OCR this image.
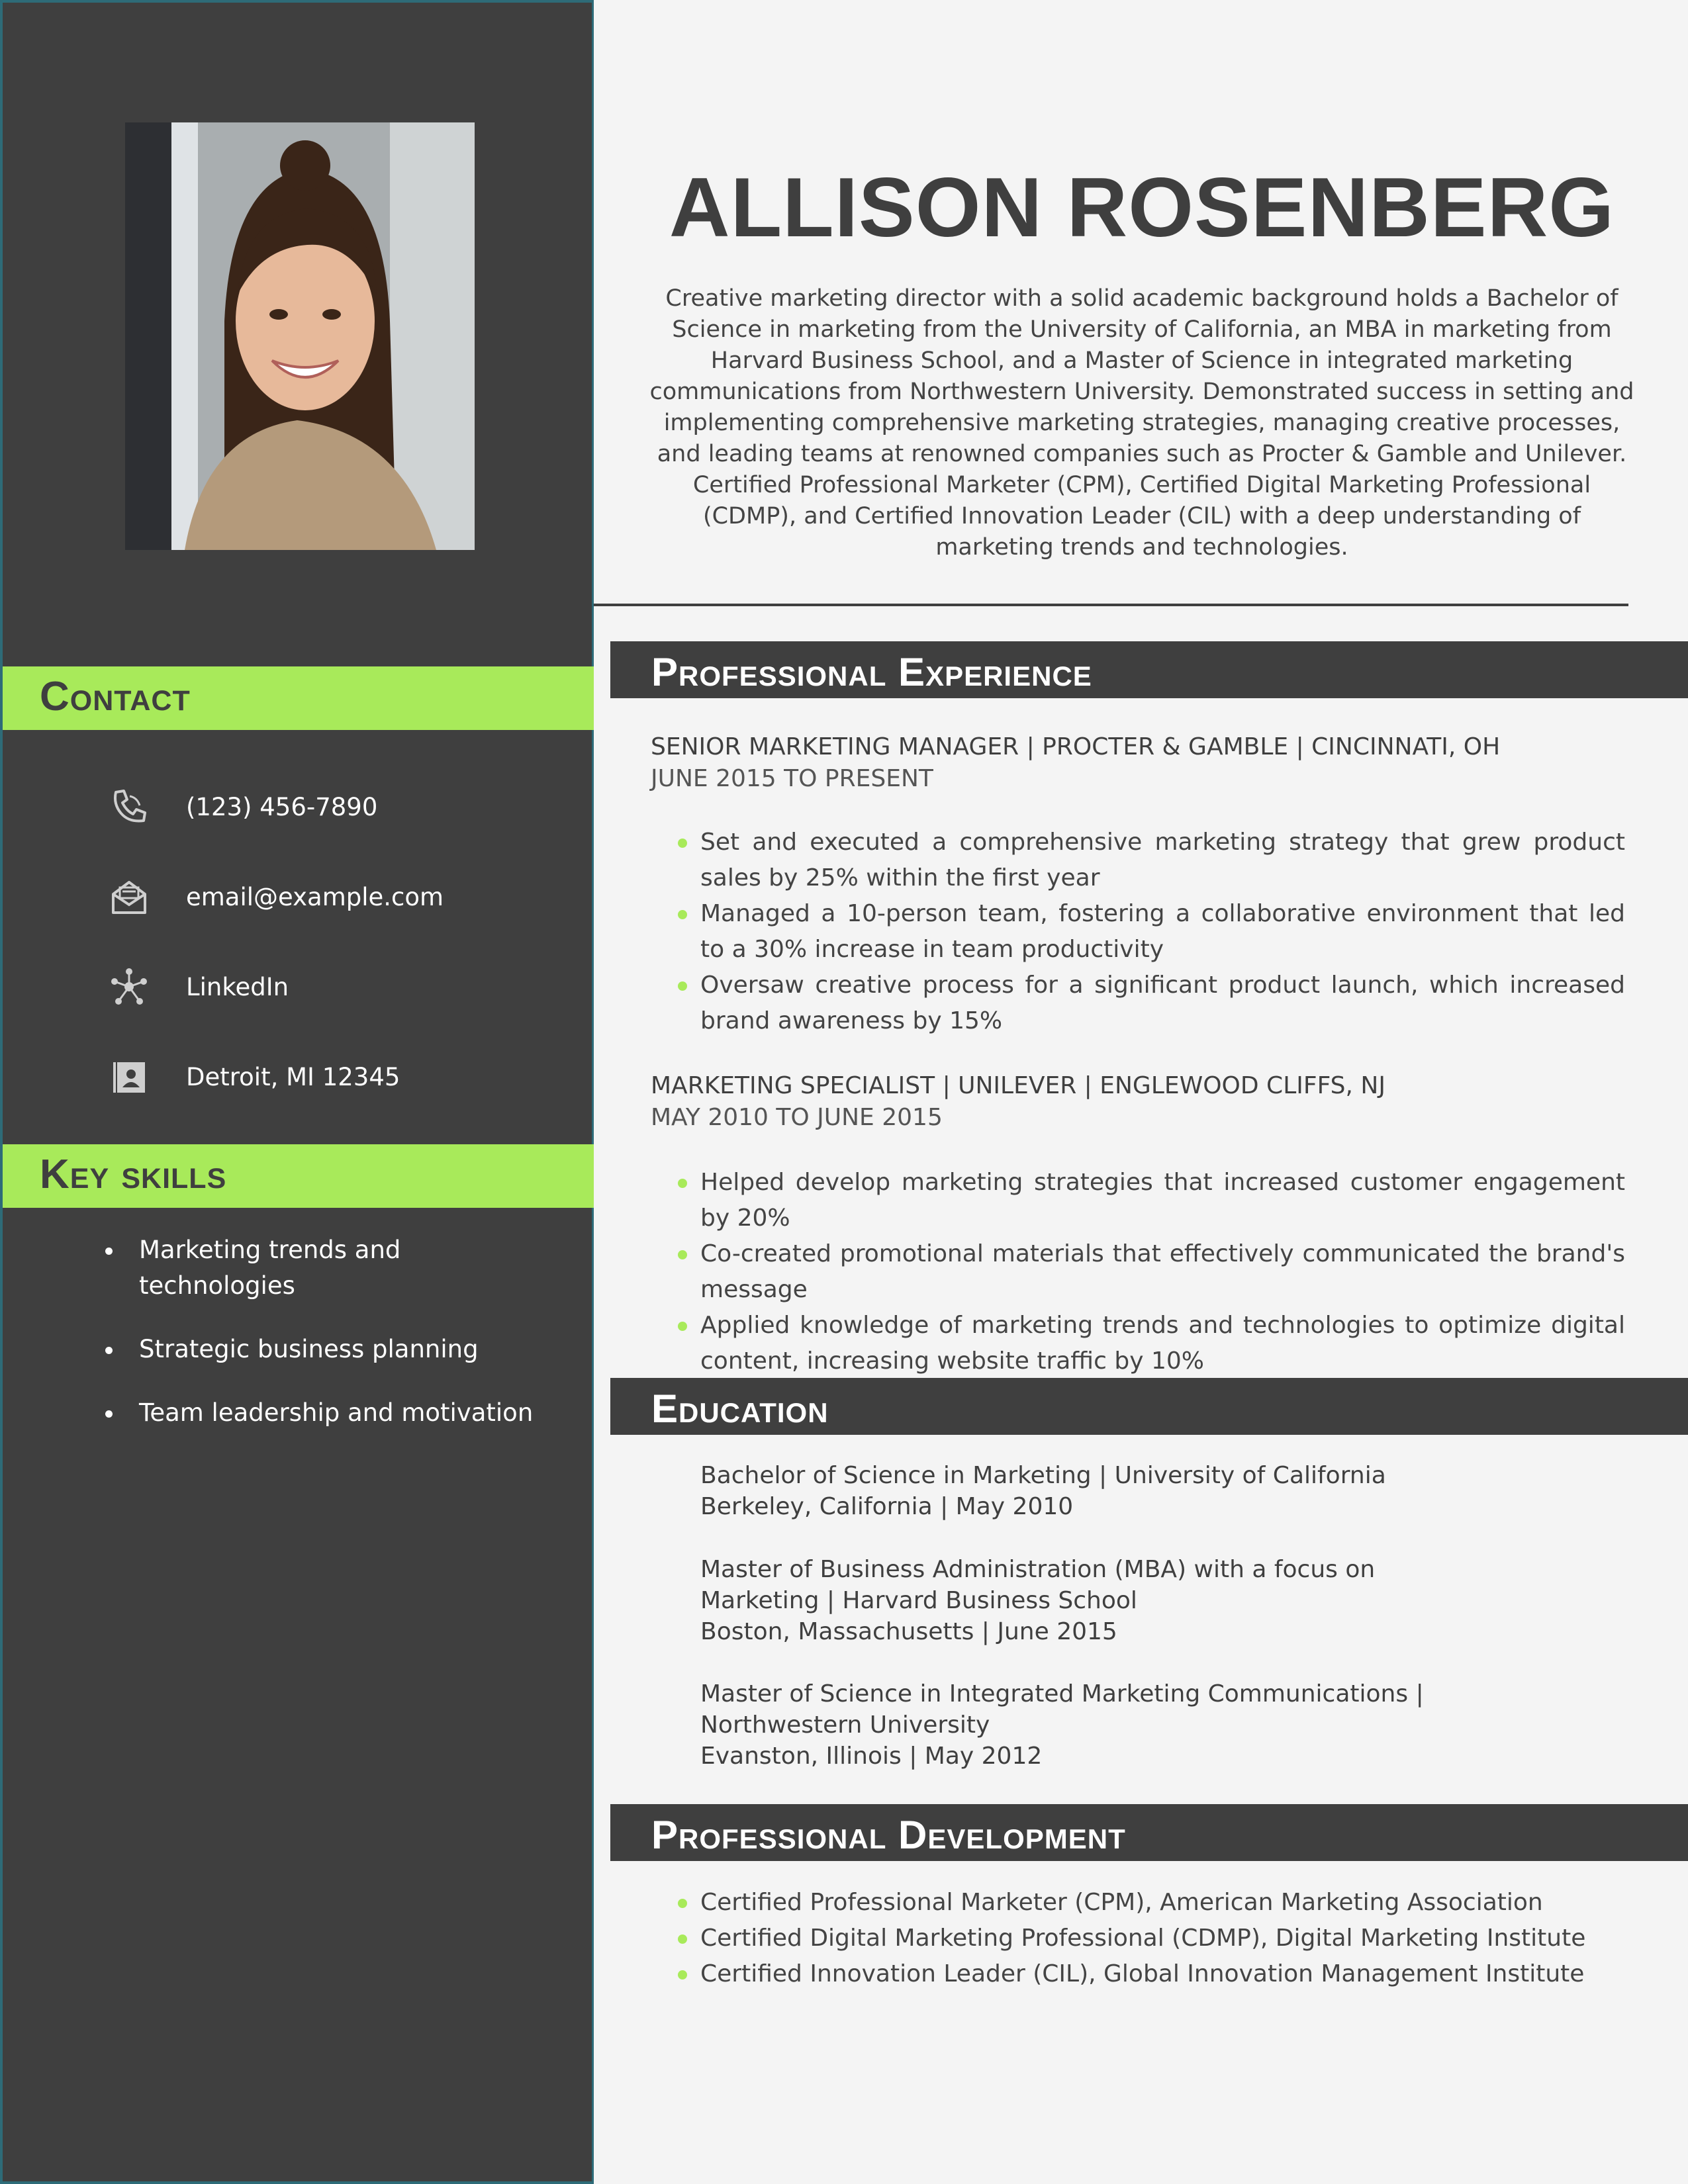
Contact
(123) 456-7890
email@example.com
LinkedIn
Detroit, MI 12345
Key skills
Marketing trends and technologies
Strategic business planning
Team leadership and motivation
ALLISON ROSENBERG

Creative marketing director with a solid academic background holds a Bachelor of Science in marketing from the University of California, an MBA in marketing from Harvard Business School, and a Master of Science in integrated marketing communications from Northwestern University. Demonstrated success in setting and implementing comprehensive marketing strategies, managing creative processes, and leading teams at renowned companies such as Procter & Gamble and Unilever. Certified Professional Marketer (CPM), Certified Digital Marketing Professional (CDMP), and Certified Innovation Leader (CIL) with a deep understanding of marketing trends and technologies.

Professional Experience
SENIOR MARKETING MANAGER | PROCTER & GAMBLE | CINCINNATI, OH
JUNE 2015 TO PRESENT
Set and executed a comprehensive marketing strategy that grew product sales by 25% within the first year
Managed a 10-person team, fostering a collaborative environment that led to a 30% increase in team productivity
Oversaw creative process for a significant product launch, which increased brand awareness by 15%
MARKETING SPECIALIST | UNILEVER | ENGLEWOOD CLIFFS, NJ
MAY 2010 TO JUNE 2015
Helped develop marketing strategies that increased customer engagement by 20%
Co-created promotional materials that effectively communicated the brand's message
Applied knowledge of marketing trends and technologies to optimize digital content, increasing website traffic by 10%
Education
Bachelor of Science in Marketing | University of California
Berkeley, California | May 2010
Master of Business Administration (MBA) with a focus on Marketing | Harvard Business School
Boston, Massachusetts | June 2015
Master of Science in Integrated Marketing Communications | Northwestern University
Evanston, Illinois | May 2012
Professional Development
Certified Professional Marketer (CPM), American Marketing Association
Certified Digital Marketing Professional (CDMP), Digital Marketing Institute
Certified Innovation Leader (CIL), Global Innovation Management Institute
